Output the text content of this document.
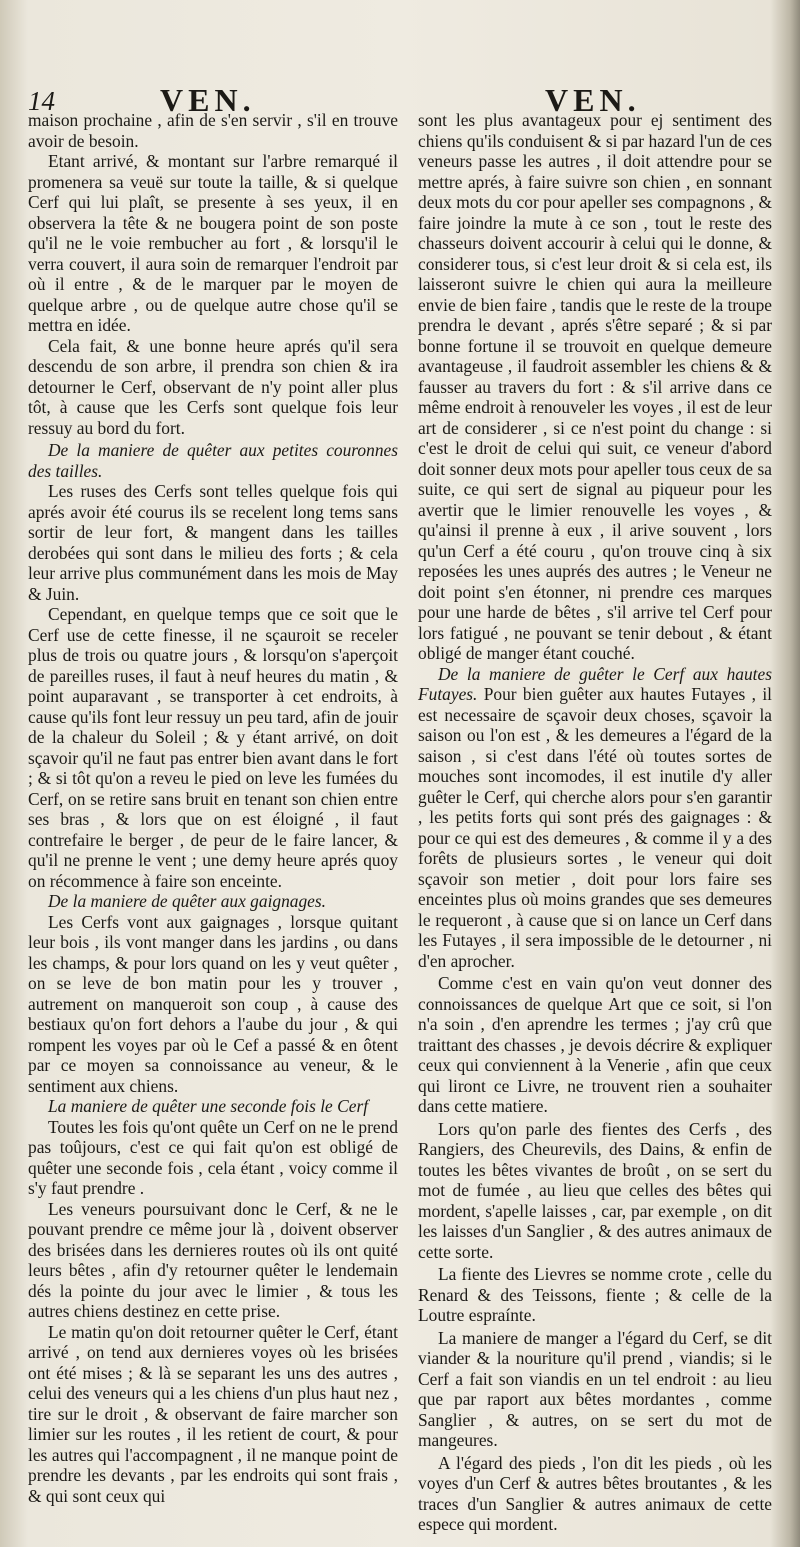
14	VEN.	VEN.

maison prochaine , afin de s'en servir , s'il en trouve avoir de besoin.

Etant arrivé, & montant sur l'arbre remarqué il promenera sa veuë sur toute la taille, & si quelque Cerf qui lui plaît, se presente à ses yeux, il en observera la tête & ne bougera point de son poste qu'il ne le voie rembucher au fort , & lorsqu'il le verra couvert, il aura soin de remarquer l'endroit par où il entre , & de le marquer par le moyen de quelque arbre , ou de quelque autre chose qu'il se mettra en idée.

Cela fait, & une bonne heure aprés qu'il sera descendu de son arbre, il prendra son chien & ira detourner le Cerf, observant de n'y point aller plus tôt, à cause que les Cerfs sont quelque fois leur ressuy au bord du fort.

De la maniere de quêter aux petites couronnes des tailles.

Les ruses des Cerfs sont telles quelque fois qui aprés avoir été courus ils se recelent long tems sans sortir de leur fort, & mangent dans les tailles derobées qui sont dans le milieu des forts ; & cela leur arrive plus communément dans les mois de May & Juin.

Cependant, en quelque temps que ce soit que le Cerf use de cette finesse, il ne sçauroit se receler plus de trois ou quatre jours , & lorsqu'on s'aperçoit de pareilles ruses, il faut à neuf heures du matin , & point auparavant , se transporter à cet endroits, à cause qu'ils font leur ressuy un peu tard, afin de jouir de la chaleur du Soleil ; & y étant arrivé, on doit sçavoir qu'il ne faut pas entrer bien avant dans le fort ; & si tôt qu'on a reveu le pied on leve les fumées du Cerf, on se retire sans bruit en tenant son chien entre ses bras , & lors que on est éloigné , il faut contrefaire le berger , de peur de le faire lancer, & qu'il ne prenne le vent ; une demy heure aprés quoy on récommence à faire son enceinte.

De la maniere de quêter aux gaignages.

Les Cerfs vont aux gaignages , lorsque quitant leur bois , ils vont manger dans les jardins , ou dans les champs, & pour lors quand on les y veut quêter , on se leve de bon matin pour les y trouver , autrement on manqueroit son coup , à cause des bestiaux qu'on fort dehors a l'aube du jour , & qui rompent les voyes par où le Cef a passé & en ôtent par ce moyen sa connoissance au veneur, & le sentiment aux chiens.

La maniere de quêter une seconde fois le Cerf

Toutes les fois qu'ont quête un Cerf on ne le prend pas toûjours, c'est ce qui fait qu'on est obligé de quêter une seconde fois , cela étant , voicy comme il s'y faut prendre .

Les veneurs poursuivant donc le Cerf, & ne le pouvant prendre ce même jour là , doivent observer des brisées dans les dernieres routes où ils ont quité leurs bêtes , afin d'y retourner quêter le lendemain dés la pointe du jour avec le limier , & tous les autres chiens destinez en cette prise.

Le matin qu'on doit retourner quêter le Cerf, étant arrivé , on tend aux dernieres voyes où les brisées ont été mises ; & là se separant les uns des autres , celui des veneurs qui a les chiens d'un plus haut nez , tire sur le droit , & observant de faire marcher son limier sur les routes , il les retient de court, & pour les autres qui l'accompagnent , il ne manque point de prendre les devants , par les endroits qui sont frais , & qui sont ceux qui

sont les plus avantageux pour ej sentiment des chiens qu'ils conduisent & si par hazard l'un de ces veneurs passe les autres , il doit attendre pour se mettre aprés, à faire suivre son chien , en sonnant deux mots du cor pour apeller ses compagnons , & faire joindre la mute à ce son , tout le reste des chasseurs doivent accourir à celui qui le donne, & considerer tous, si c'est leur droit & si cela est, ils laisseront suivre le chien qui aura la meilleure envie de bien faire , tandis que le reste de la troupe prendra le devant , aprés s'être separé ; & si par bonne fortune il se trouvoit en quelque demeure avantageuse , il faudroit assembler les chiens & & fausser au travers du fort : & s'il arrive dans ce même endroit à renouveler les voyes , il est de leur art de considerer , si ce n'est point du change : si c'est le droit de celui qui suit, ce veneur d'abord doit sonner deux mots pour apeller tous ceux de sa suite, ce qui sert de signal au piqueur pour les avertir que le limier renouvelle les voyes , & qu'ainsi il prenne à eux , il arive souvent , lors qu'un Cerf a été couru , qu'on trouve cinq à six reposées les unes auprés des autres ; le Veneur ne doit point s'en étonner, ni prendre ces marques pour une harde de bêtes , s'il arrive tel Cerf pour lors fatigué , ne pouvant se tenir debout , & étant obligé de manger étant couché.

De la maniere de guêter le Cerf aux hautes Futayes. Pour bien guêter aux hautes Futayes , il est necessaire de sçavoir deux choses, sçavoir la saison ou l'on est , & les demeures a l'égard de la saison , si c'est dans l'été où toutes sortes de mouches sont incomodes, il est inutile d'y aller guêter le Cerf, qui cherche alors pour s'en garantir , les petits forts qui sont prés des gaignages : & pour ce qui est des demeures , & comme il y a des forêts de plusieurs sortes , le veneur qui doit sçavoir son metier , doit pour lors faire ses enceintes plus où moins grandes que ses demeures le requeront , à cause que si on lance un Cerf dans les Futayes , il sera impossible de le detourner , ni d'en aprocher.

Comme c'est en vain qu'on veut donner des connoissances de quelque Art que ce soit, si l'on n'a soin , d'en aprendre les termes ; j'ay crû que traittant des chasses , je devois décrire & expliquer ceux qui conviennent à la Venerie , afin que ceux qui liront ce Livre, ne trouvent rien a souhaiter dans cette matiere.

Lors qu'on parle des fientes des Cerfs , des Rangiers, des Cheurevils, des Dains, & enfin de toutes les bêtes vivantes de broût , on se sert du mot de fumée , au lieu que celles des bêtes qui mordent, s'apelle laisses , car, par exemple , on dit les laisses d'un Sanglier , & des autres animaux de cette sorte.

La fiente des Lievres se nomme crote , celle du Renard & des Teissons, fiente ; & celle de la Loutre espraínte.

La maniere de manger a l'égard du Cerf, se dit viander & la nouriture qu'il prend , viandis; si le Cerf a fait son viandis en un tel endroit : au lieu que par raport aux bêtes mordantes , comme Sanglier , & autres, on se sert du mot de mangeures.

A l'égard des pieds , l'on dit les pieds , où les voyes d'un Cerf & autres bêtes broutantes , & les traces d'un Sanglier & autres animaux de cette espece qui mordent.
